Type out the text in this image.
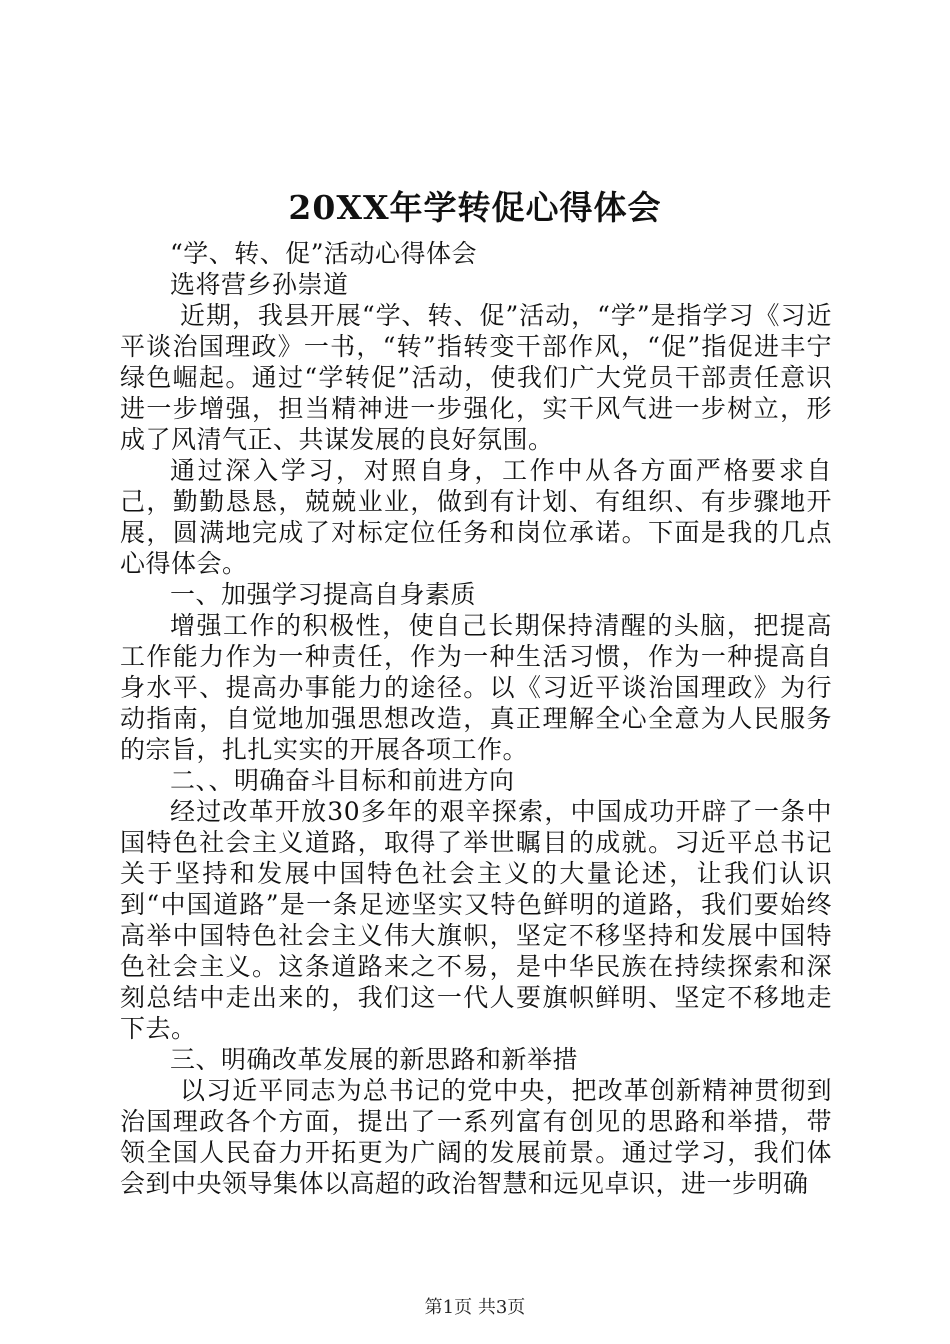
20XX年学转促心得体会

“学、转、促”活动心得体会

选将营乡孙崇道

近期，我县开展“学、转、促”活动，“学”是指学习《习近平谈治国理政》一书，“转”指转变干部作风，“促”指促进丰宁绿色崛起。通过“学转促”活动，使我们广大党员干部责任意识进一步增强，担当精神进一步强化，实干风气进一步树立，形成了风清气正、共谋发展的良好氛围。

通过深入学习，对照自身，工作中从各方面严格要求自己，勤勤恳恳，兢兢业业，做到有计划、有组织、有步骤地开展，圆满地完成了对标定位任务和岗位承诺。下面是我的几点心得体会。

一、加强学习提高自身素质

增强工作的积极性，使自己长期保持清醒的头脑，把提高工作能力作为一种责任，作为一种生活习惯，作为一种提高自身水平、提高办事能力的途径。以《习近平谈治国理政》为行动指南，自觉地加强思想改造，真正理解全心全意为人民服务的宗旨，扎扎实实的开展各项工作。

二、、明确奋斗目标和前进方向

经过改革开放30多年的艰辛探索，中国成功开辟了一条中国特色社会主义道路，取得了举世瞩目的成就。习近平总书记关于坚持和发展中国特色社会主义的大量论述，让我们认识到“中国道路”是一条足迹坚实又特色鲜明的道路，我们要始终高举中国特色社会主义伟大旗帜，坚定不移坚持和发展中国特色社会主义。这条道路来之不易，是中华民族在持续探索和深刻总结中走出来的，我们这一代人要旗帜鲜明、坚定不移地走下去。

三、明确改革发展的新思路和新举措

以习近平同志为总书记的党中央，把改革创新精神贯彻到治国理政各个方面，提出了一系列富有创见的思路和举措，带领全国人民奋力开拓更为广阔的发展前景。通过学习，我们体会到中央领导集体以高超的政治智慧和远见卓识，进一步明确

第1页 共3页
